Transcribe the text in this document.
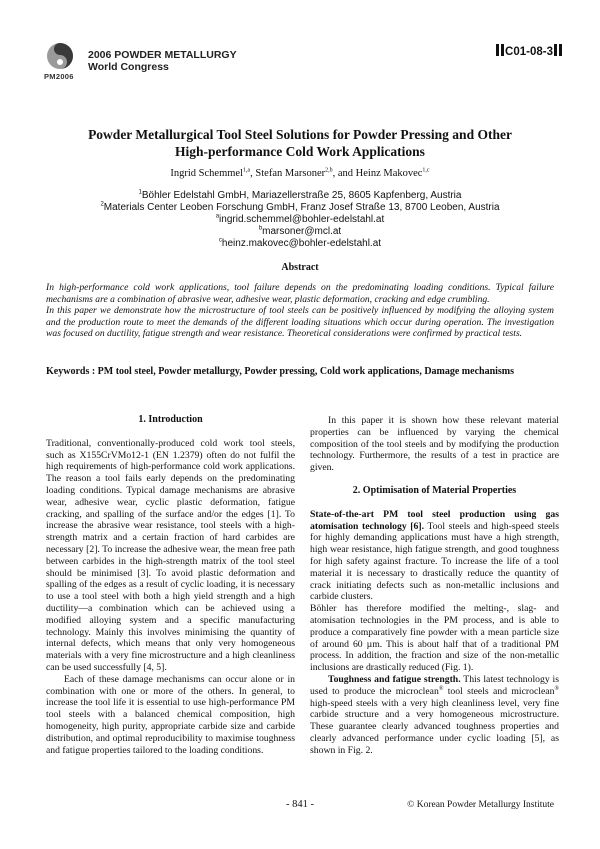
2006 POWDER METALLURGY
World Congress
PM2006
C01-08-3
Powder Metallurgical Tool Steel Solutions for Powder Pressing and Other
High-performance Cold Work Applications
Ingrid Schemmel$^{1,a}$, Stefan Marsoner$^{2,b}$, and Heinz Makovec$^{1,c}$
$^1$Böhler Edelstahl GmbH, Mariazellerstraße 25, 8605 Kapfenberg, Austria
$^2$Materials Center Leoben Forschung GmbH, Franz Josef Straße 13, 8700 Leoben, Austria
$^a$ingrid.schemmel@bohler-edelstahl.at
$^b$marsoner@mcl.at
$^c$heinz.makovec@bohler-edelstahl.at
Abstract

In high-performance cold work applications, tool failure depends on the predominating loading conditions. Typical failure mechanisms are a combination of abrasive wear, adhesive wear, plastic deformation, cracking and edge crumbling.

In this paper we demonstrate how the microstructure of tool steels can be positively influenced by modifying the alloying system and the production route to meet the demands of the different loading situations which occur during operation. The investigation was focused on ductility, fatigue strength and wear resistance. Theoretical considerations were confirmed by practical tests.

Keywords : PM tool steel, Powder metallurgy, Powder pressing, Cold work applications, Damage mechanisms

1. Introduction

Traditional, conventionally-produced cold work tool steels, such as X155CrVMo12-1 (EN 1.2379) often do not fulfil the high requirements of high-performance cold work applications. The reason a tool fails early depends on the predominating loading conditions. Typical damage mechanisms are abrasive wear, adhesive wear, cyclic plastic deformation, fatigue cracking, and spalling of the surface and/or the edges [1]. To increase the abrasive wear resistance, tool steels with a high-strength matrix and a certain fraction of hard carbides are necessary [2]. To increase the adhesive wear, the mean free path between carbides in the high-strength matrix of the tool steel should be minimised [3]. To avoid plastic deformation and spalling of the edges as a result of cyclic loading, it is necessary to use a tool steel with both a high yield strength and a high ductility—a combination which can be achieved using a modified alloying system and a specific manufacturing technology. Mainly this involves minimising the quantity of internal defects, which means that only very homogeneous materials with a very fine microstructure and a high cleanliness can be used successfully [4, 5].

Each of these damage mechanisms can occur alone or in combination with one or more of the others. In general, to increase the tool life it is essential to use high-performance PM tool steels with a balanced chemical composition, high homogeneity, high purity, appropriate carbide size and carbide distribution, and optimal reproducibility to maximise toughness and fatigue properties tailored to the loading conditions.

In this paper it is shown how these relevant material properties can be influenced by varying the chemical composition of the tool steels and by modifying the production technology. Furthermore, the results of a test in practice are given.

2. Optimisation of Material Properties

State-of-the-art PM tool steel production using gas atomisation technology [6]. Tool steels and high-speed steels for highly demanding applications must have a high strength, high wear resistance, high fatigue strength, and good toughness for high safety against fracture. To increase the life of a tool material it is necessary to drastically reduce the quantity of crack initiating defects such as non-metallic inclusions and carbide clusters.

Böhler has therefore modified the melting-, slag- and atomisation technologies in the PM process, and is able to produce a comparatively fine powder with a mean particle size of around 60 µm. This is about half that of a traditional PM process. In addition, the fraction and size of the non-metallic inclusions are drastically reduced (Fig. 1).

Toughness and fatigue strength. This latest technology is used to produce the microclean® tool steels and microclean® high-speed steels with a very high cleanliness level, very fine carbide structure and a very homogeneous microstructure. These guarantee clearly advanced toughness properties and clearly advanced performance under cyclic loading [5], as shown in Fig. 2.

- 841 -	© Korean Powder Metallurgy Institute
